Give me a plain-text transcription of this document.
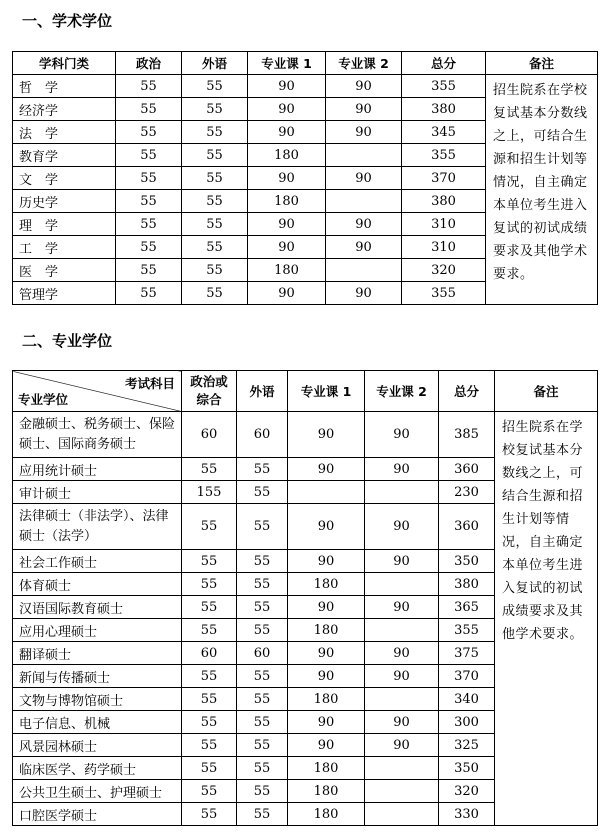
一、学术学位
学科门类	政治	外语	专业课 1	专业课 2	总分	备注
哲　学	55	55	90	90	355	招生院系在学校复试基本分数线之上，可结合生源和招生计划等情况，自主确定本单位考生进入复试的初试成绩要求及其他学术要求。
经济学	55	55	90	90	380	
法　学	55	55	90	90	345	
教育学	55	55	180		355	
文　学	55	55	90	90	370	
历史学	55	55	180		380	
理　学	55	55	90	90	310	
工　学	55	55	90	90	310	
医　学	55	55	180		320	
管理学	55	55	90	90	355	
二、专业学位
考试科目
专业学位	政治或综合	外语	专业课 1	专业课 2	总分	备注
金融硕士、税务硕士、保险硕士、国际商务硕士	60	60	90	90	385	招生院系在学校复试基本分数线之上，可结合生源和招生计划等情况，自主确定本单位考生进入复试的初试成绩要求及其他学术要求。
应用统计硕士	55	55	90	90	360	
审计硕士	155	55			230	
法律硕士（非法学）、法律硕士（法学）	55	55	90	90	360	
社会工作硕士	55	55	90	90	350	
体育硕士	55	55	180		380	
汉语国际教育硕士	55	55	90	90	365	
应用心理硕士	55	55	180		355	
翻译硕士	60	60	90	90	375	
新闻与传播硕士	55	55	90	90	370	
文物与博物馆硕士	55	55	180		340	
电子信息、机械	55	55	90	90	300	
风景园林硕士	55	55	90	90	325	
临床医学、药学硕士	55	55	180		350	
公共卫生硕士、护理硕士	55	55	180		320	
口腔医学硕士	55	55	180		330	
